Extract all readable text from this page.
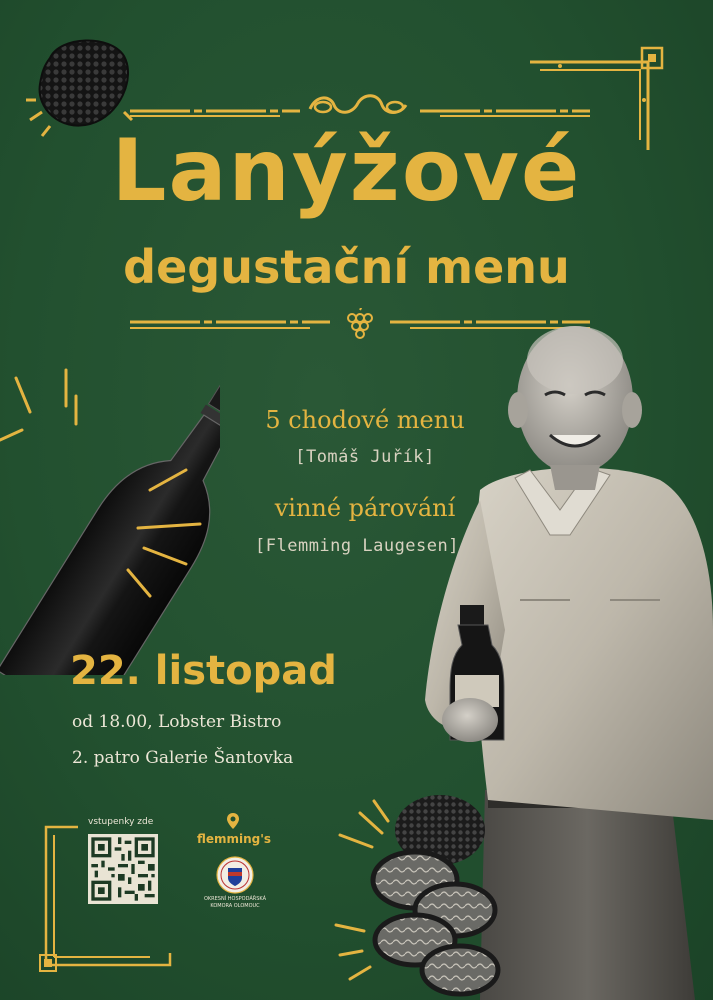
Lanýžové
degustační menu
5 chodové menu
[Tomáš Juřík]
vinné párování
[Flemming Laugesen]
22. listopad
od 18.00, Lobster Bistro
2. patro Galerie Šantovka
vstupenky zde
flemming's
OKRESNÍ HOSPODÁŘSKÁ
KOMORA OLOMOUC
